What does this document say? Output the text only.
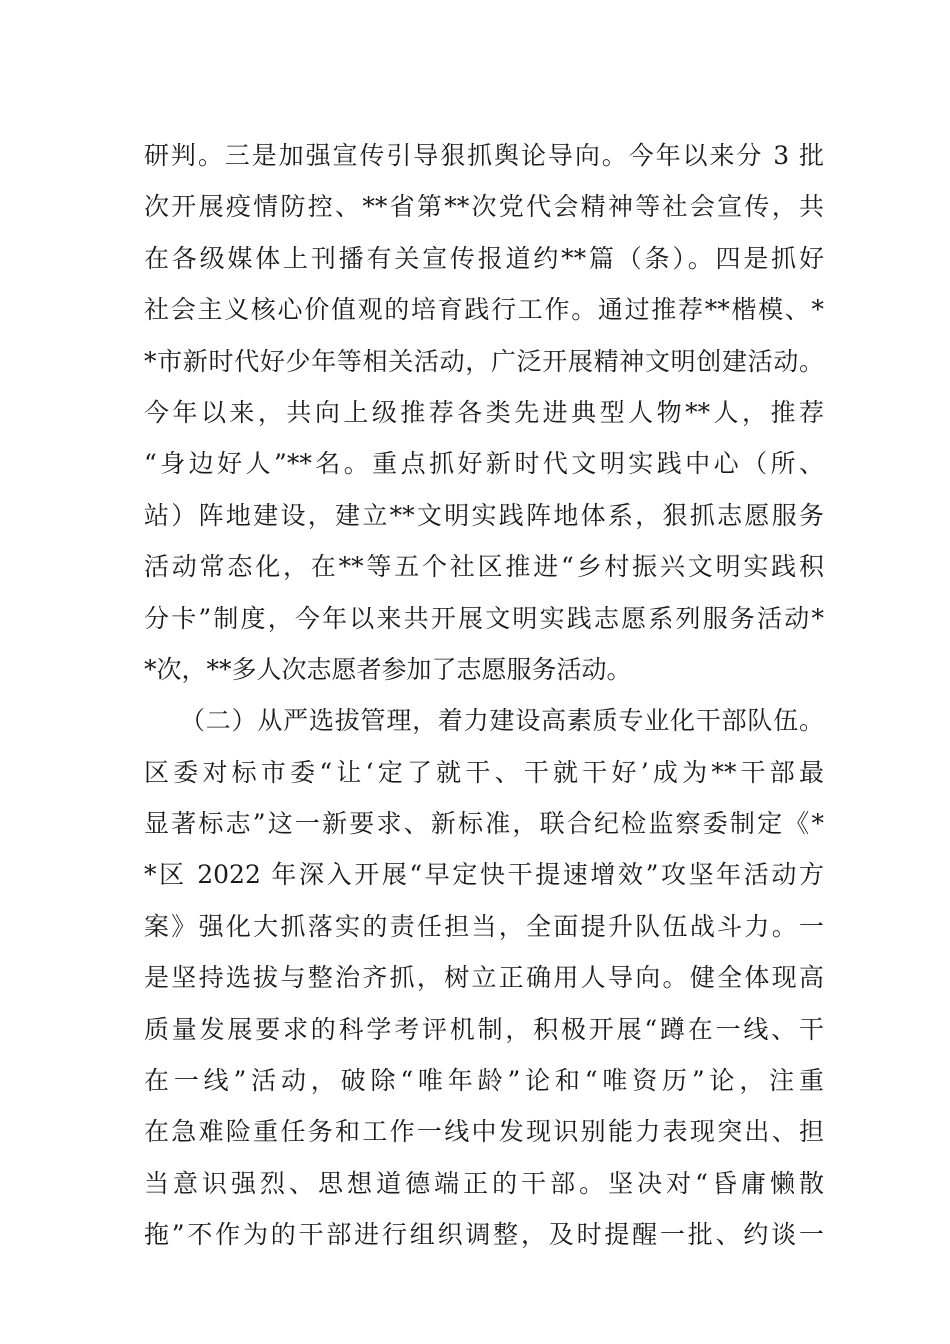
研判。三是加强宣传引导狠抓舆论导向。今年以来分 3 批
次开展疫情防控、**省第**次党代会精神等社会宣传，共
在各级媒体上刊播有关宣传报道约**篇（条）。四是抓好
社会主义核心价值观的培育践行工作。通过推荐**楷模、*
*市新时代好少年等相关活动，广泛开展精神文明创建活动。
今年以来，共向上级推荐各类先进典型人物**人，推荐
“身边好人”**名。重点抓好新时代文明实践中心（所、
站）阵地建设，建立**文明实践阵地体系，狠抓志愿服务
活动常态化，在**等五个社区推进“乡村振兴文明实践积
分卡”制度，今年以来共开展文明实践志愿系列服务活动*
*次，**多人次志愿者参加了志愿服务活动。
（二）从严选拔管理，着力建设高素质专业化干部队伍。
区委对标市委“让‘定了就干、干就干好’成为**干部最
显著标志”这一新要求、新标准，联合纪检监察委制定《*
*区 2022 年深入开展“早定快干提速增效”攻坚年活动方
案》强化大抓落实的责任担当，全面提升队伍战斗力。一
是坚持选拔与整治齐抓，树立正确用人导向。健全体现高
质量发展要求的科学考评机制，积极开展“蹲在一线、干
在一线”活动，破除“唯年龄”论和“唯资历”论，注重
在急难险重任务和工作一线中发现识别能力表现突出、担
当意识强烈、思想道德端正的干部。坚决对“昏庸懒散
拖”不作为的干部进行组织调整，及时提醒一批、约谈一
